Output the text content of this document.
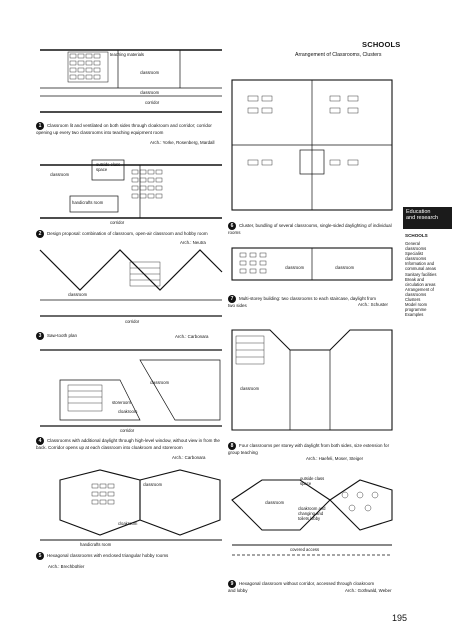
SCHOOLS
Arrangement of Classrooms, Clusters
Education
and research
SCHOOLS
General
classrooms
Specialist
classrooms
Information and
communal areas
Sanitary facilities
Break and
circulation areas
Arrangement of
classrooms
Clusters
Model room
programme
Examples
teaching materials
classroom
classroom
corridor
outside class space
classroom
handicrafts room
corridor
classroom
corridor
classroom
storeroom
cloakroom
corridor
classroom
cloakroom
handicrafts room
classroom	classroom
classroom
outside class space
classroom
cloakroom and changing and toilets lobby
covered access
1 Classroom lit and ventilated on both sides through cloakroom and corridor; corridor opening up every two classrooms into teaching equipment room
Arch.: Yorke, Rosenberg, Mardall
2 Design proposal: combination of classroom, open-air classroom and hobby room
Arch.: Neutra
3 Saw-tooth plan	Arch.: Carbonara
4 Classrooms with additional daylight through high-level window, without view in from the back. Corridor opens up at each classroom into cloakroom and storeroom
Arch.: Carbonara
5 Hexagonal classrooms with enclosed triangular hobby rooms
Arch.: Brechbühler
6 Cluster, bundling of several classrooms, single-sided daylighting of individual rooms
7 Multi-storey building: two classrooms to each staircase, daylight from two sides	Arch.: Schuster
8 Four classrooms per storey with daylight from both sides, size extension for group teaching
Arch.: Haefeli, Moser, Steiger
9 Hexagonal classroom without corridor, accessed through cloakroom and lobby	Arch.: Gothwald, Weber
195
